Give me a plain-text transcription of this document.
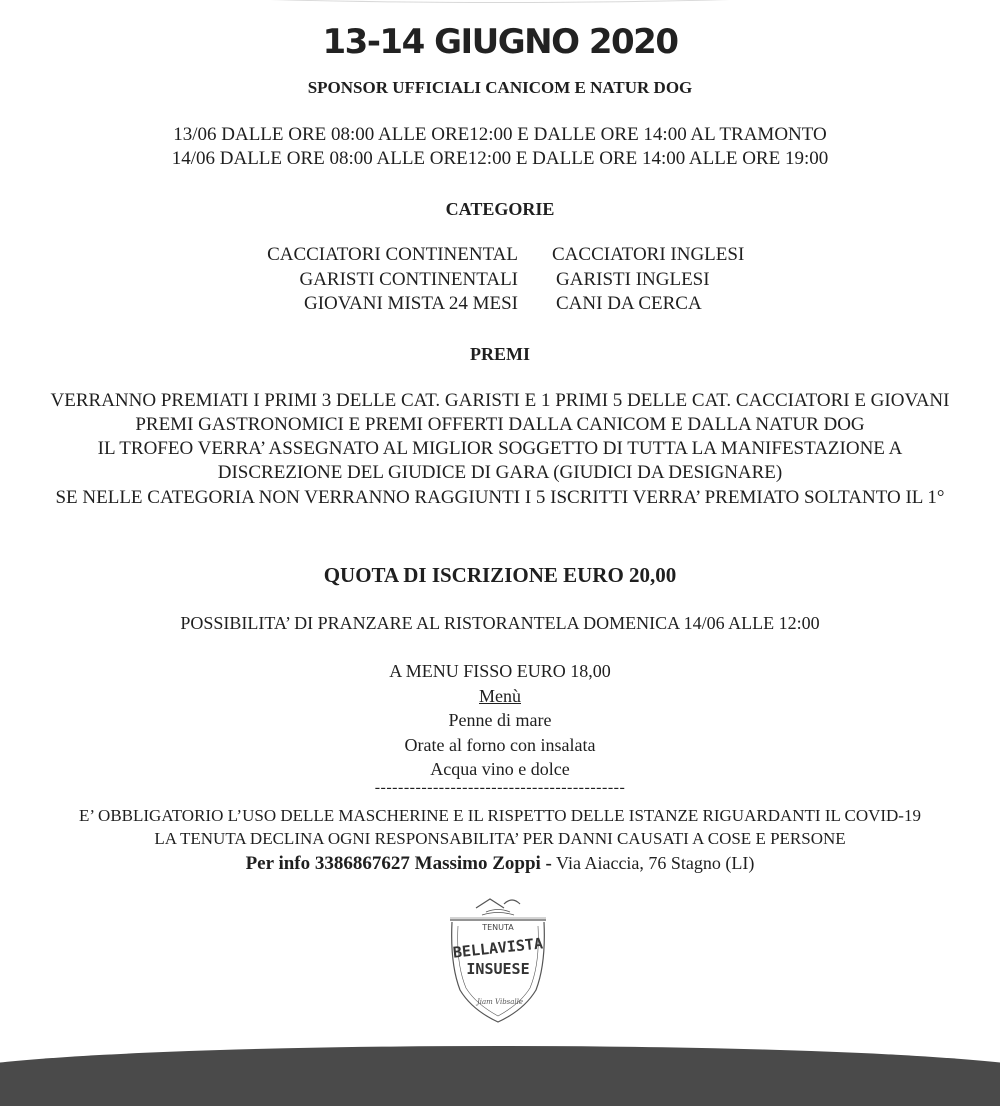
13-14 GIUGNO 2020
SPONSOR UFFICIALI CANICOM E NATUR DOG
13/06 DALLE ORE 08:00 ALLE ORE12:00 E DALLE ORE 14:00 AL TRAMONTO
14/06 DALLE ORE 08:00 ALLE ORE12:00 E DALLE ORE 14:00 ALLE ORE 19:00
CATEGORIE
CACCIATORI CONTINENTAL
GARISTI CONTINENTALI
GIOVANI MISTA 24 MESI
CACCIATORI INGLESI
GARISTI INGLESI
CANI DA CERCA
PREMI
VERRANNO PREMIATI I PRIMI 3 DELLE CAT. GARISTI E 1 PRIMI 5 DELLE CAT. CACCIATORI E GIOVANI
PREMI GASTRONOMICI E PREMI OFFERTI DALLA CANICOM E DALLA NATUR DOG
IL TROFEO VERRA’ ASSEGNATO AL MIGLIOR SOGGETTO DI TUTTA LA MANIFESTAZIONE A
DISCREZIONE DEL GIUDICE DI GARA (GIUDICI DA DESIGNARE)
SE NELLE CATEGORIA NON VERRANNO RAGGIUNTI I 5 ISCRITTI VERRA’ PREMIATO SOLTANTO IL 1°
QUOTA DI ISCRIZIONE EURO 20,00
POSSIBILITA’ DI PRANZARE AL RISTORANTELA DOMENICA 14/06 ALLE 12:00
A MENU FISSO EURO 18,00
Menù
Penne di mare
Orate al forno con insalata
Acqua vino e dolce
-------------------------------------------
E’ OBBLIGATORIO L’USO DELLE MASCHERINE E IL RISPETTO DELLE ISTANZE RIGUARDANTI IL COVID-19
LA TENUTA DECLINA OGNI RESPONSABILITA’ PER DANNI CAUSATI A COSE E PERSONE
Per info 3386867627 Massimo Zoppi - Via Aiaccia, 76 Stagno (LI)
TENUTA
BELLAVISTA
INSUESE
Jiam Vibsalle
